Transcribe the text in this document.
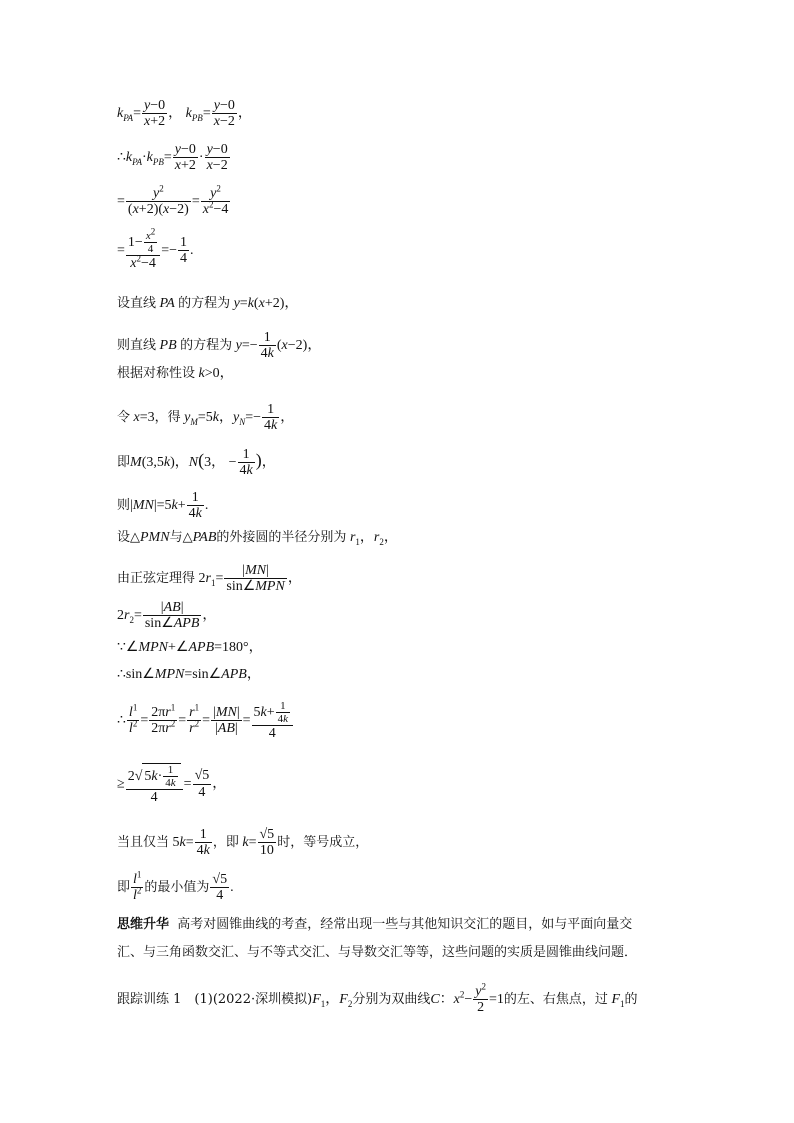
$k_{PA}= \frac{y-0}{x+2}$ ， $k_{PB}= \frac{y-0}{x-2}$ ，
$\therefore k_{PA}\cdot k_{PB}= \frac{y-0}{x+2} \cdot \frac{y-0}{x-2}$
= $\frac{y^2}{(x+2)(x-2)} = \frac{y^2}{x^2-4}$
= $\frac{1- \frac{x^2}{4}}{x^2-4} =- \frac{1}{4}$ .
设直线 PA 的方程为 y=k(x+2)，
则直线 PB 的方程为 $y=- \frac{1}{4k} (x-2)$，
根据对称性设 k>0，
令 x=3，得 $y_M=5k$，$y_N=- \frac{1}{4k}$ ，
即M(3,5k)，N(3， − $\frac{1}{4k}$ )，
则$|MN|=5k+ \frac{1}{4k}$ .
设△PMN与△PAB的外接圆的半径分别为 $r_1$，$r_2$，
由正弦定理得 $2r_1= \frac{|MN|}{\text{sin∠MPN}}$ ，
$2r_2= \frac{|AB|}{\text{sin∠APB}}$ ，
∵∠MPN+∠APB=180°，
∴sin∠MPN=sin∠APB，
∴ $\frac{l^1}{l^2} = \frac{2\pi r^1}{2\pi r^2} = \frac{r^1}{r^2} = \frac{|MN|}{|AB|} = \frac{5k+ \frac{1}{4k}}{4}$
≥ $\frac{2√ 5k\cdot \frac{1}{4k}}{4} = \frac{√5}{4}$ ，
当且仅当 $5k= \frac{1}{4k}$ ，即 $k= \frac{√5}{10}$ 时，等号成立，
即 $\frac{l^1}{l^2}$ 的最小值为 $\frac{√5}{4}$ .
思维升华 高考对圆锥曲线的考查，经常出现一些与其他知识交汇的题目，如与平面向量交
汇、与三角函数交汇、与不等式交汇、与导数交汇等等，这些问题的实质是圆锥曲线问题．
跟踪训练 1　(1)(2022·深圳模拟)$F_1$，$F_2$分别为双曲线C：$x^2- \frac{y^2}{2} =1$的左、右焦点，过 $F_1$的
